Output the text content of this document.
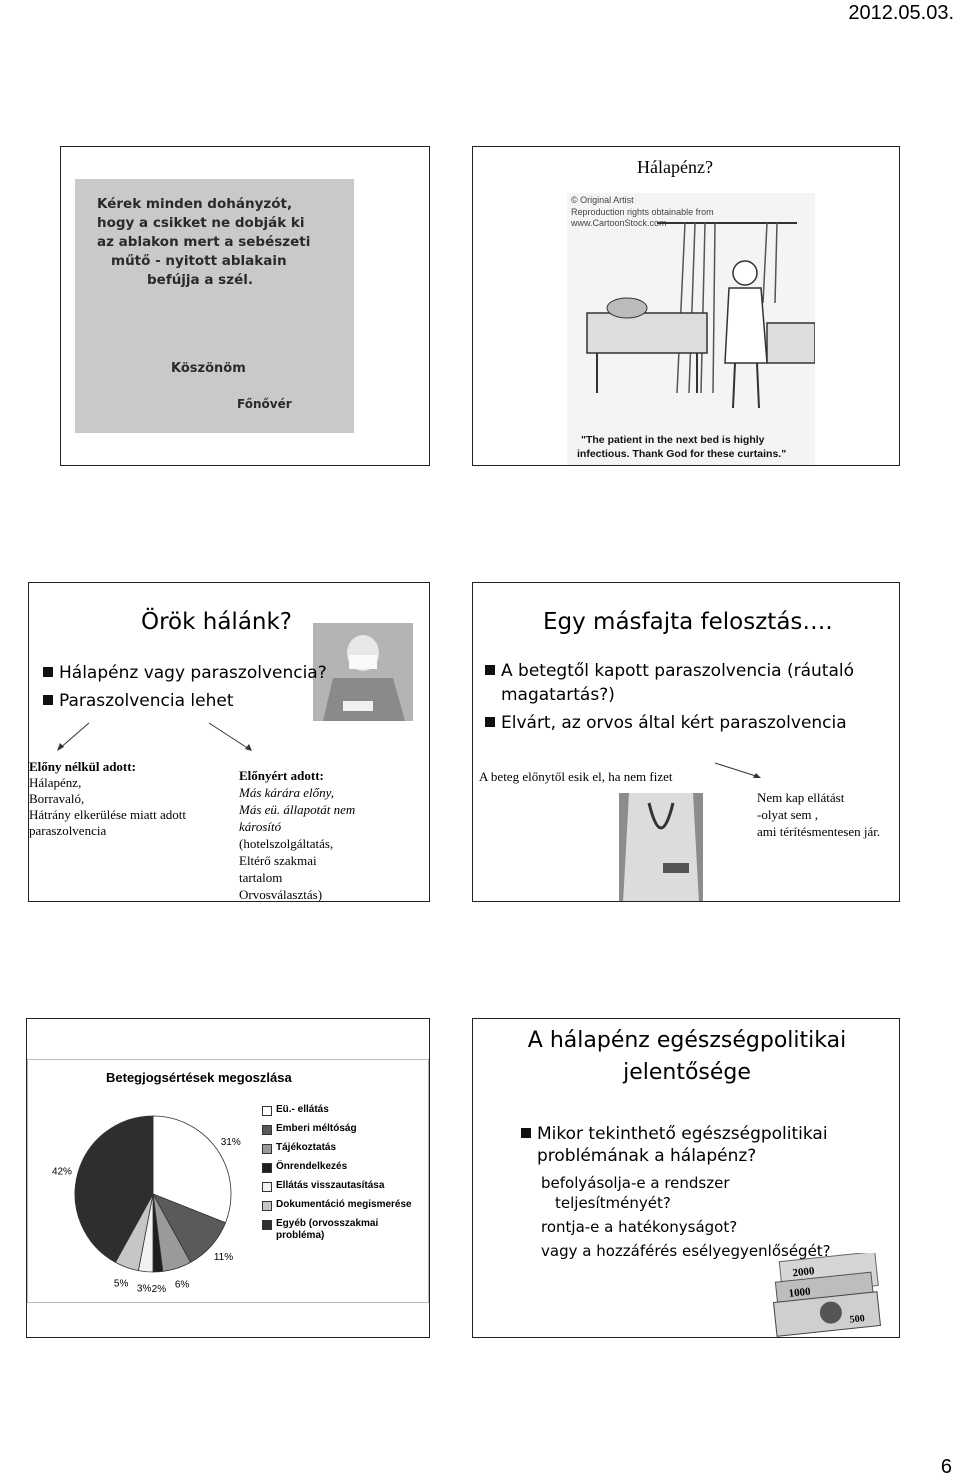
2012.05.03.
Kérek minden dohányzót,
hogy a csikket ne dobják ki
az ablakon mert a sebészeti
műtő - nyitott ablakain
befújja a szél.
Köszönöm
Főnővér
Hálapénz?
© Original Artist
Reproduction rights obtainable from
www.CartoonStock.com
"The patient in the next bed is highly
infectious. Thank God for these curtains."
Örök hálánk?
Hálapénz vagy paraszolvencia?
Paraszolvencia lehet
Előny nélkül adott:
Hálapénz,
Borravaló,
Hátrány elkerülése miatt adott
paraszolvencia
Előnyért adott:
Más kárára előny,
Más eü. állapotát nem
károsító
(hotelszolgáltatás,
Eltérő szakmai
tartalom
Orvosválasztás)
Egy másfajta felosztás….
A betegtől kapott paraszolvencia (ráutaló magatartás?)
Elvárt, az orvos által kért paraszolvencia
A beteg előnytől esik el, ha nem fizet
Nem kap ellátást
-olyat sem ,
ami térítésmentesen jár.
Betegjogsértések megoszlása
31%
11%
6%
2%
3%
5%
42%
Eü.- ellátás
Emberi méltóság
Tájékoztatás
Önrendelkezés
Ellátás visszautasítása
Dokumentáció megismerése
Egyéb (orvosszakmai probléma)
A hálapénz egészségpolitikai
jelentősége
Mikor tekinthető egészségpolitikai
problémának a hálapénz?
befolyásolja-e a rendszer teljesítményét?
rontja-e a hatékonyságot?
vagy a hozzáférés esélyegyenlőségét?
2000
1000
500
6
